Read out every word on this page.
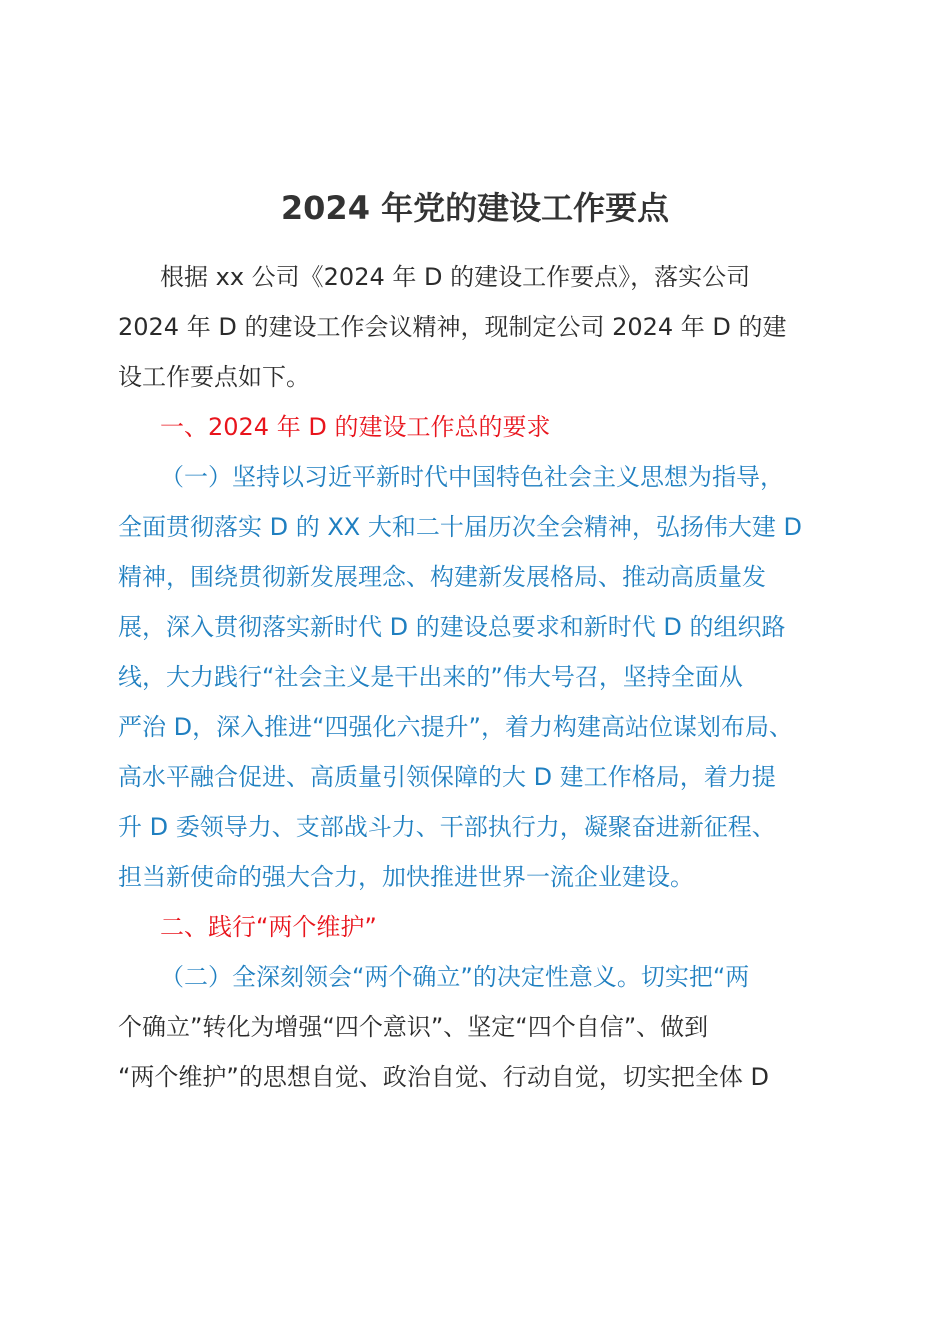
2024 年党的建设工作要点

根据 xx 公司《2024 年 D 的建设工作要点》，落实公司

2024 年 D 的建设工作会议精神，现制定公司 2024 年 D 的建

设工作要点如下。

一、2024 年 D 的建设工作总的要求

（一）坚持以习近平新时代中国特色社会主义思想为指导，

全面贯彻落实 D 的 XX 大和二十届历次全会精神，弘扬伟大建 D

精神，围绕贯彻新发展理念、构建新发展格局、推动高质量发

展，深入贯彻落实新时代 D 的建设总要求和新时代 D 的组织路

线，大力践行“社会主义是干出来的”伟大号召，坚持全面从

严治 D，深入推进“四强化六提升”，着力构建高站位谋划布局、

高水平融合促进、高质量引领保障的大 D 建工作格局，着力提

升 D 委领导力、支部战斗力、干部执行力，凝聚奋进新征程、

担当新使命的强大合力，加快推进世界一流企业建设。

二、践行“两个维护”

（二）全深刻领会“两个确立”的决定性意义。切实把“两

个确立”转化为增强“四个意识”、坚定“四个自信”、做到

“两个维护”的思想自觉、政治自觉、行动自觉，切实把全体 D
